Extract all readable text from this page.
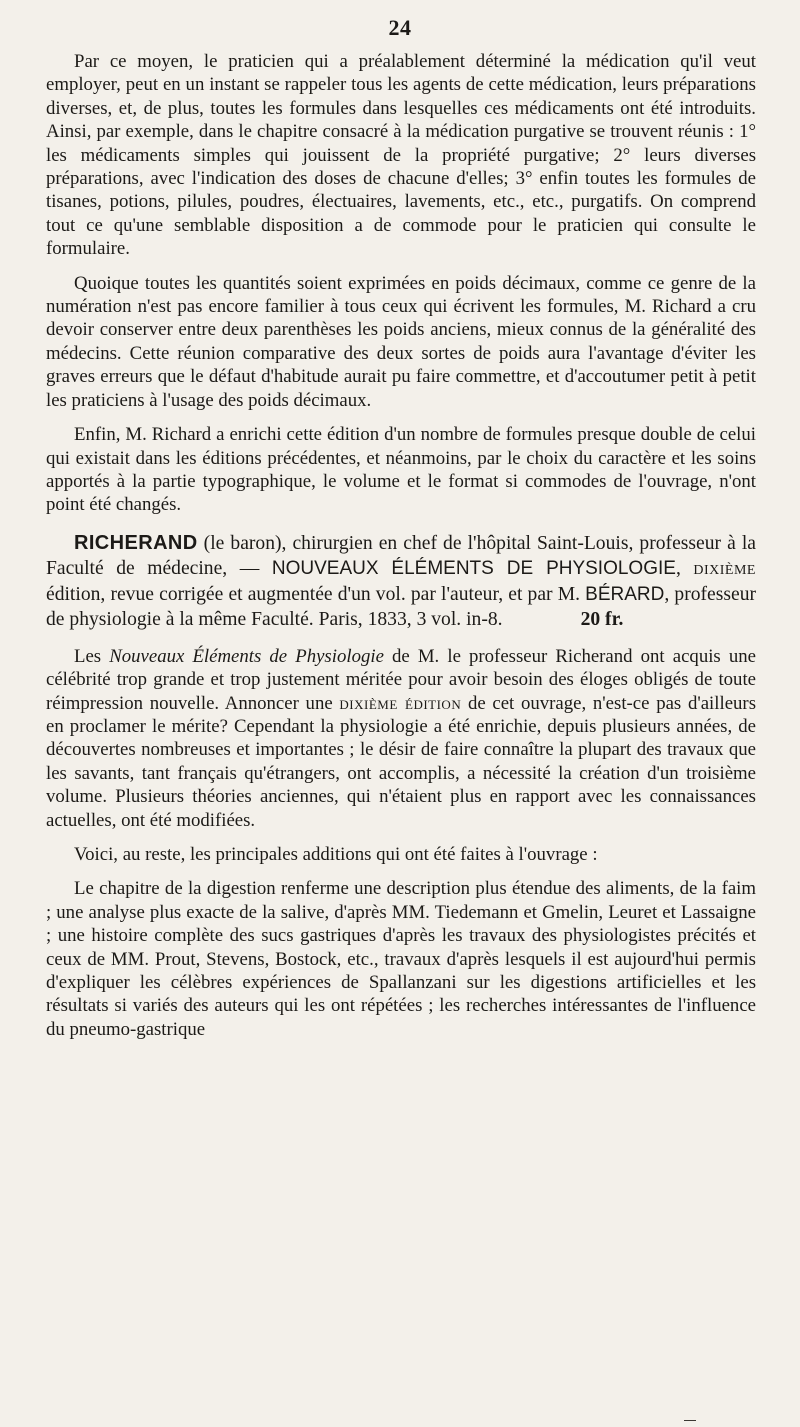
24

Par ce moyen, le praticien qui a préalablement déterminé la médication qu'il veut employer, peut en un instant se rappeler tous les agents de cette médication, leurs préparations diverses, et, de plus, toutes les formules dans lesquelles ces médicaments ont été introduits. Ainsi, par exemple, dans le chapitre consacré à la médication purgative se trouvent réunis : 1° les médicaments simples qui jouissent de la propriété purgative; 2° leurs diverses préparations, avec l'indication des doses de chacune d'elles; 3° enfin toutes les formules de tisanes, potions, pilules, poudres, électuaires, lavements, etc., etc., purgatifs. On comprend tout ce qu'une semblable disposition a de commode pour le praticien qui consulte le formulaire.

Quoique toutes les quantités soient exprimées en poids décimaux, comme ce genre de la numération n'est pas encore familier à tous ceux qui écrivent les formules, M. Richard a cru devoir conserver entre deux parenthèses les poids anciens, mieux connus de la généralité des médecins. Cette réunion comparative des deux sortes de poids aura l'avantage d'éviter les graves erreurs que le défaut d'habitude aurait pu faire commettre, et d'accoutumer petit à petit les praticiens à l'usage des poids décimaux.

Enfin, M. Richard a enrichi cette édition d'un nombre de formules presque double de celui qui existait dans les éditions précédentes, et néanmoins, par le choix du caractère et les soins apportés à la partie typographique, le volume et le format si commodes de l'ouvrage, n'ont point été changés.

RICHERAND (le baron), chirurgien en chef de l'hôpital Saint-Louis, professeur à la Faculté de médecine, — NOUVEAUX ÉLÉMENTS DE PHYSIOLOGIE, dixième édition, revue corrigée et augmentée d'un vol. par l'auteur, et par M. BÉRARD, professeur de physiologie à la même Faculté. Paris, 1833, 3 vol. in-8.	20 fr.

Les Nouveaux Éléments de Physiologie de M. le professeur Richerand ont acquis une célébrité trop grande et trop justement méritée pour avoir besoin des éloges obligés de toute réimpression nouvelle. Annoncer une dixième édition de cet ouvrage, n'est-ce pas d'ailleurs en proclamer le mérite? Cependant la physiologie a été enrichie, depuis plusieurs années, de découvertes nombreuses et importantes ; le désir de faire connaître la plupart des travaux que les savants, tant français qu'étrangers, ont accomplis, a nécessité la création d'un troisième volume. Plusieurs théories anciennes, qui n'étaient plus en rapport avec les connaissances actuelles, ont été modifiées.

Voici, au reste, les principales additions qui ont été faites à l'ouvrage :

Le chapitre de la digestion renferme une description plus étendue des aliments, de la faim ; une analyse plus exacte de la salive, d'après MM. Tiedemann et Gmelin, Leuret et Lassaigne ; une histoire complète des sucs gastriques d'après les travaux des physiologistes précités et ceux de MM. Prout, Stevens, Bostock, etc., travaux d'après lesquels il est aujourd'hui permis d'expliquer les célèbres expériences de Spallanzani sur les digestions artificielles et les résultats si variés des auteurs qui les ont répétées ; les recherches intéressantes de l'influence du pneumo-gastrique
